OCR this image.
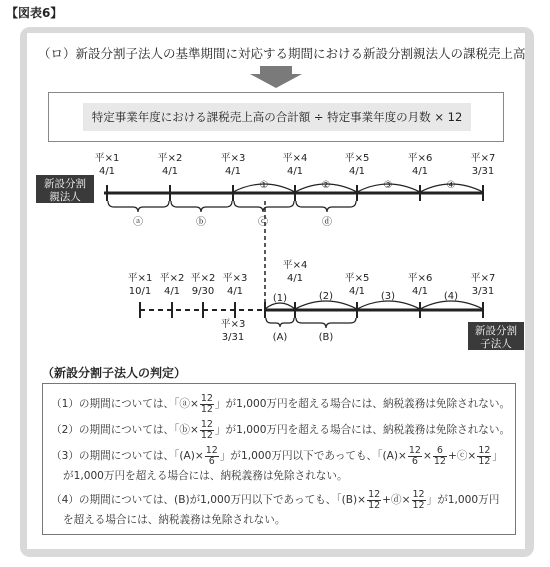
【図表6】
（ロ）新設分割子法人の基準期間に対応する期間における新設分割親法人の課税売上高
特定事業年度における課税売上高の合計額 ÷ 特定事業年度の月数 × 12
新設分割
親法人
平×1
4/1
平×2
4/1
平×3
4/1
平×4
4/1
平×5
4/1
平×6
4/1
平×7
3/31
①	②	③	④
ⓐ	ⓑ	ⓒ	ⓓ
平×1
10/1
平×2
4/1
平×2
9/30
平×3
4/1
平×3
3/31
平×4
4/1	平×5
4/1
平×6
4/1
平×7
3/31
(1)	(2)	(3)	(4)
(A)	(B)
新設分割
子法人
（新設分割子法人の判定）
（1）の期間については、「ⓐ× $\frac{12}{12}$ 」が1,000万円を超える場合には、納税義務は免除されない。
（2）の期間については、「ⓑ× $\frac{12}{12}$ 」が1,000万円を超える場合には、納税義務は免除されない。
（3）の期間については、「$(A)\times \frac{12}{6}$ 」が1,000万円以下であっても、「$(A)\times \frac{12}{6} \times \frac{6}{12}$ +ⓒ× $\frac{12}{12}$ 」
が1,000万円を超える場合には、納税義務は免除されない。
（4）の期間については、(B)が1,000万円以下であっても、「$(B)\times \frac{12}{12}$ +ⓓ× $\frac{12}{12}$ 」が1,000万円
を超える場合には、納税義務は免除されない。
